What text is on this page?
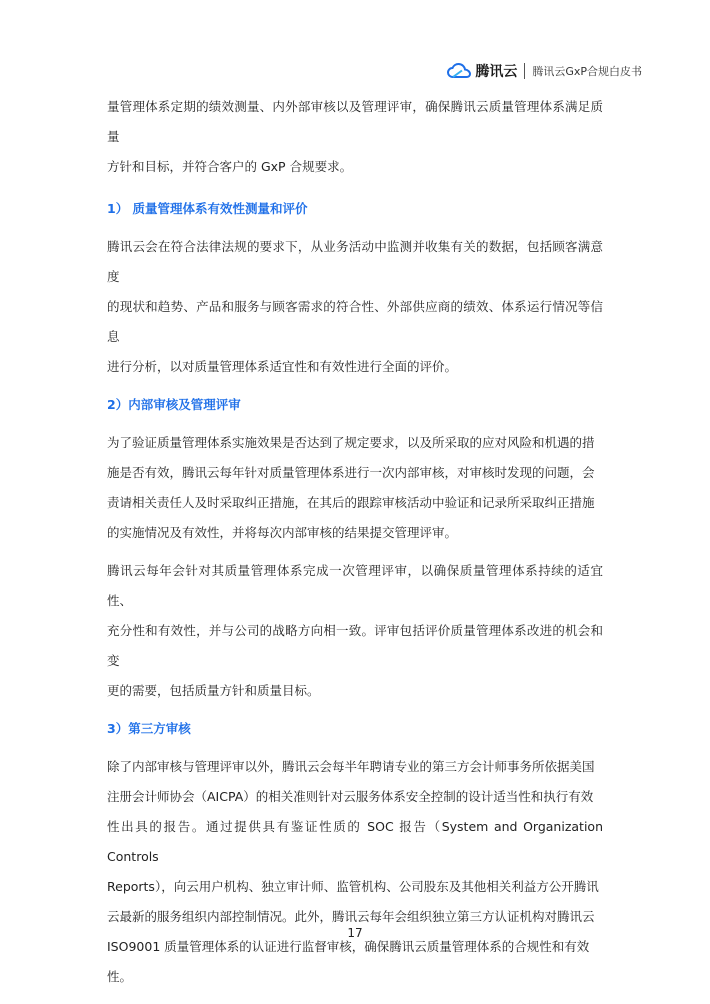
腾讯云 腾讯云GxP合规白皮书

量管理体系定期的绩效测量、内外部审核以及管理评审，确保腾讯云质量管理体系满足质量

方针和目标，并符合客户的 GxP 合规要求。

1） 质量管理体系有效性测量和评价

腾讯云会在符合法律法规的要求下，从业务活动中监测并收集有关的数据，包括顾客满意度

的现状和趋势、产品和服务与顾客需求的符合性、外部供应商的绩效、体系运行情况等信息

进行分析，以对质量管理体系适宜性和有效性进行全面的评价。

2）内部审核及管理评审

为了验证质量管理体系实施效果是否达到了规定要求，以及所采取的应对风险和机遇的措

施是否有效，腾讯云每年针对质量管理体系进行一次内部审核，对审核时发现的问题，会

责请相关责任人及时采取纠正措施，在其后的跟踪审核活动中验证和记录所采取纠正措施

的实施情况及有效性，并将每次内部审核的结果提交管理评审。

腾讯云每年会针对其质量管理体系完成一次管理评审，以确保质量管理体系持续的适宜性、

充分性和有效性，并与公司的战略方向相一致。评审包括评价质量管理体系改进的机会和变

更的需要，包括质量方针和质量目标。

3）第三方审核

除了内部审核与管理评审以外，腾讯云会每半年聘请专业的第三方会计师事务所依据美国

注册会计师协会（AICPA）的相关准则针对云服务体系安全控制的设计适当性和执行有效

性出具的报告。通过提供具有鉴证性质的 SOC 报告（System and Organization Controls

Reports），向云用户机构、独立审计师、监管机构、公司股东及其他相关利益方公开腾讯

云最新的服务组织内部控制情况。此外，腾讯云每年会组织独立第三方认证机构对腾讯云

ISO9001 质量管理体系的认证进行监督审核，确保腾讯云质量管理体系的合规性和有效

性。

17
